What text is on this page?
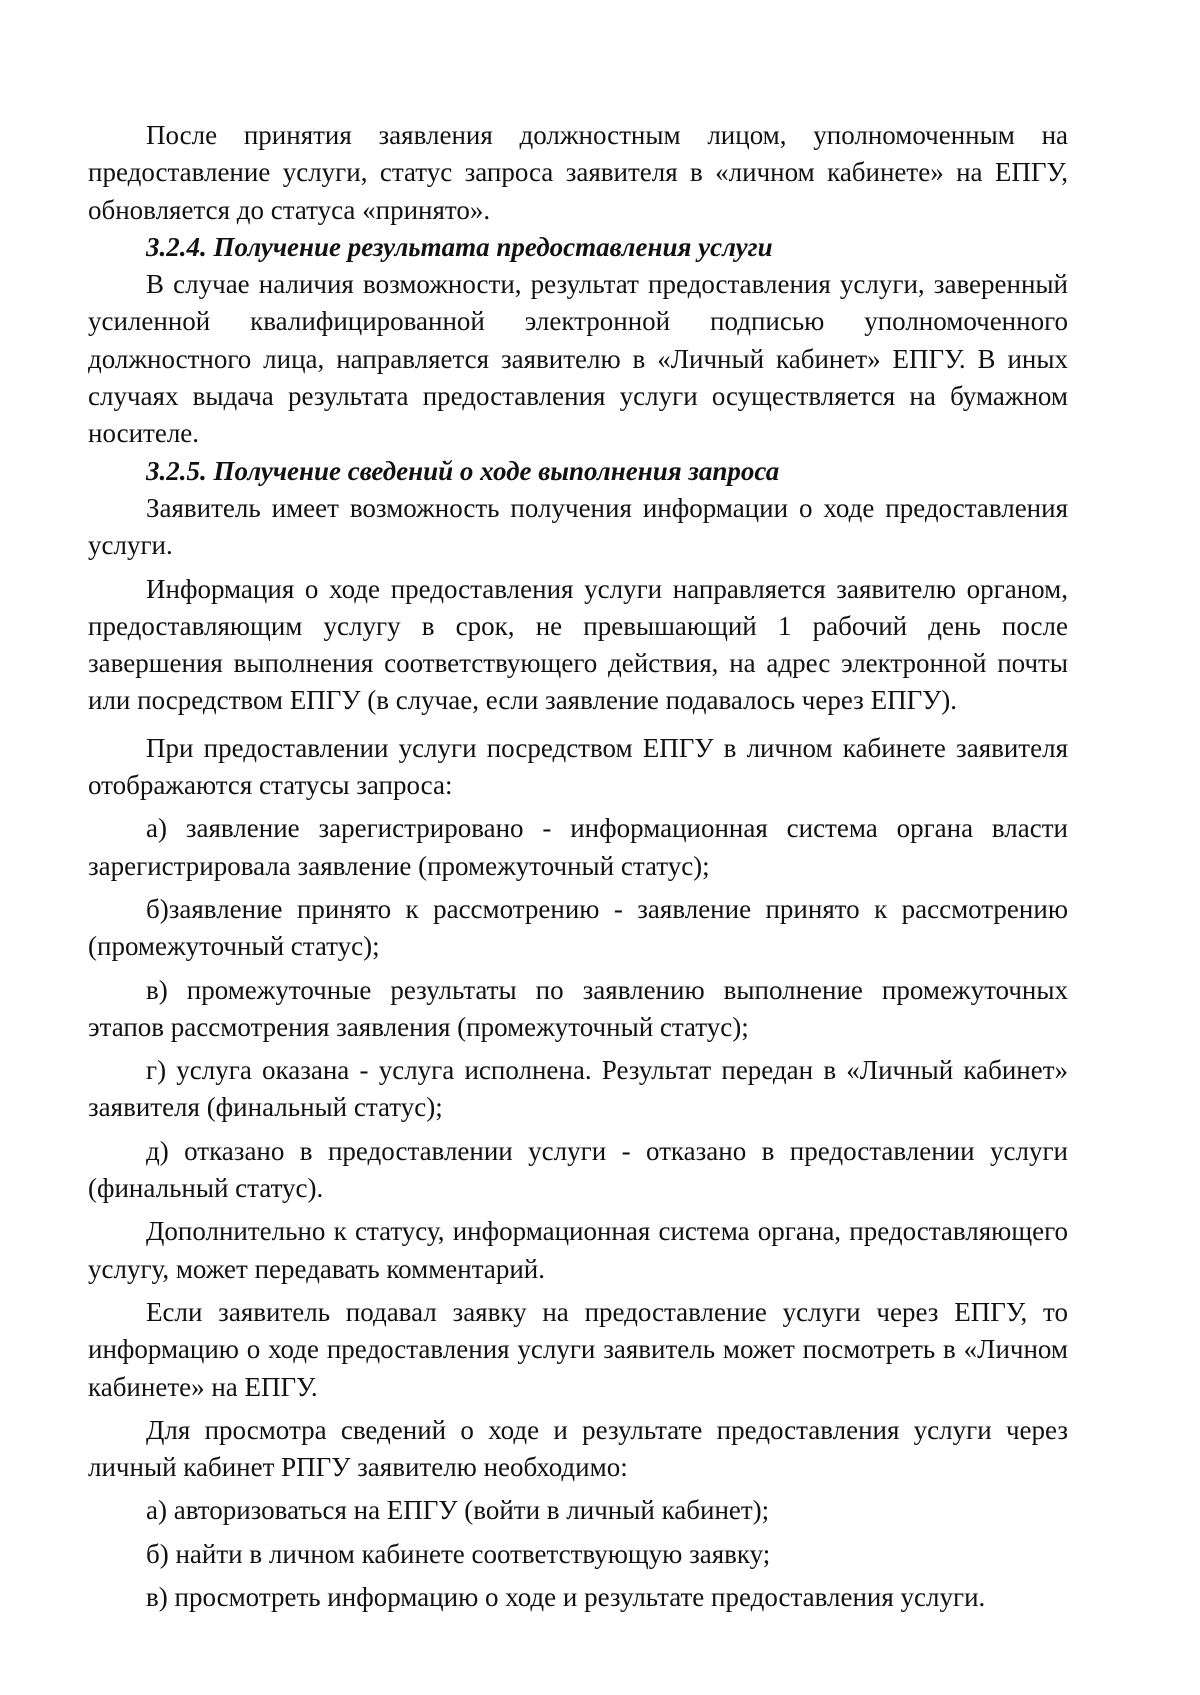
После принятия заявления должностным лицом, уполномоченным на предоставление услуги, статус запроса заявителя в «личном кабинете» на ЕПГУ, обновляется до статуса «принято».

3.2.4. Получение результата предоставления услуги

В случае наличия возможности, результат предоставления услуги, заверенный усиленной квалифицированной электронной подписью уполномоченного должностного лица, направляется заявителю в «Личный кабинет» ЕПГУ. В иных случаях выдача результата предоставления услуги осуществляется на бумажном носителе.

3.2.5. Получение сведений о ходе выполнения запроса

Заявитель имеет возможность получения информации о ходе предоставления услуги.

Информация о ходе предоставления услуги направляется заявителю органом, предоставляющим услугу в срок, не превышающий 1 рабочий день после завершения выполнения соответствующего действия, на адрес электронной почты или посредством ЕПГУ (в случае, если заявление подавалось через ЕПГУ).

При предоставлении услуги посредством ЕПГУ в личном кабинете заявителя отображаются статусы запроса:

а) заявление зарегистрировано - информационная система органа власти зарегистрировала заявление (промежуточный статус);

б)заявление принято к рассмотрению - заявление принято к рассмотрению (промежуточный статус);

в) промежуточные результаты по заявлению выполнение промежуточных этапов рассмотрения заявления (промежуточный статус);

г) услуга оказана - услуга исполнена. Результат передан в «Личный кабинет» заявителя (финальный статус);

д) отказано в предоставлении услуги - отказано в предоставлении услуги (финальный статус).

Дополнительно к статусу, информационная система органа, предоставляющего услугу, может передавать комментарий.

Если заявитель подавал заявку на предоставление услуги через ЕПГУ, то информацию о ходе предоставления услуги заявитель может посмотреть в «Личном кабинете» на ЕПГУ.

Для просмотра сведений о ходе и результате предоставления услуги через личный кабинет РПГУ заявителю необходимо:

а) авторизоваться на ЕПГУ (войти в личный кабинет);

б) найти в личном кабинете соответствующую заявку;

в) просмотреть информацию о ходе и результате предоставления услуги.
